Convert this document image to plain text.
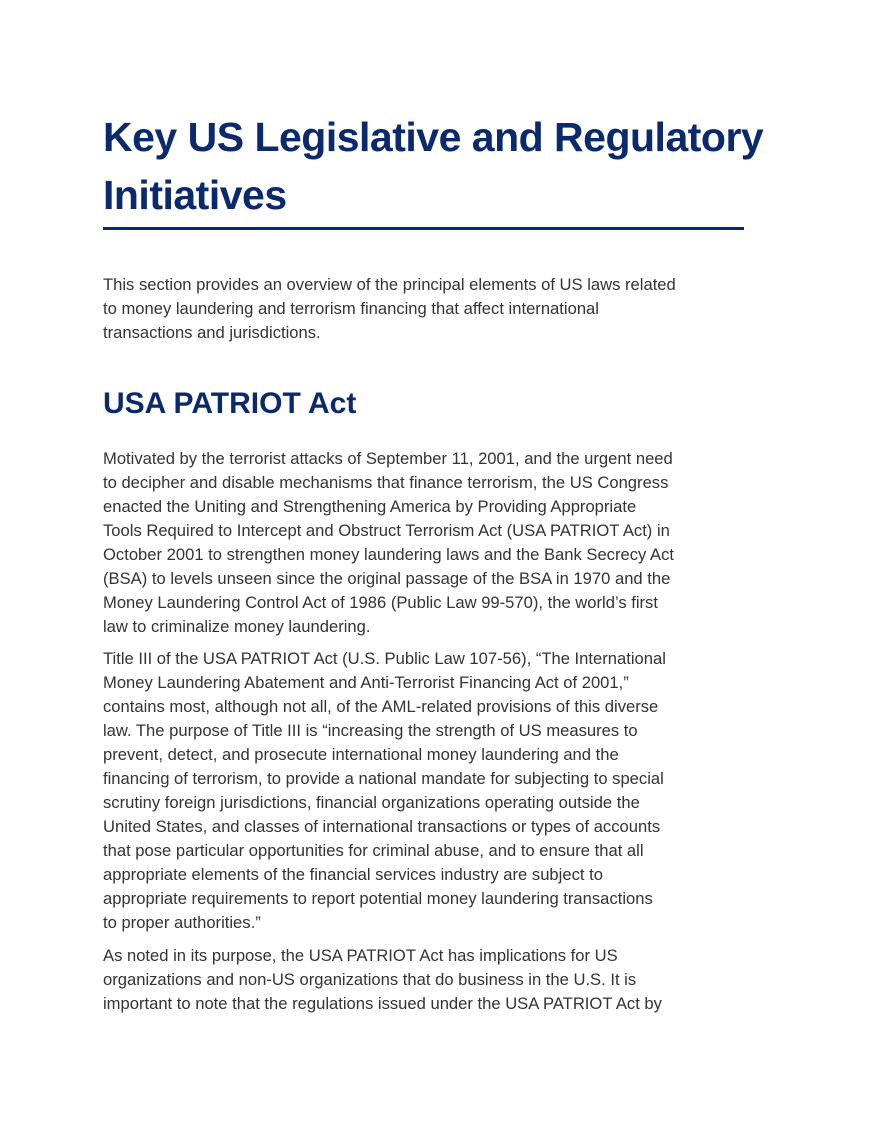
Key US Legislative and Regulatory
Initiatives
This section provides an overview of the principal elements of US laws related
to money laundering and terrorism financing that affect international
transactions and jurisdictions.
USA PATRIOT Act
Motivated by the terrorist attacks of September 11, 2001, and the urgent need
to decipher and disable mechanisms that finance terrorism, the US Congress
enacted the Uniting and Strengthening America by Providing Appropriate
Tools Required to Intercept and Obstruct Terrorism Act (USA PATRIOT Act) in
October 2001 to strengthen money laundering laws and the Bank Secrecy Act
(BSA) to levels unseen since the original passage of the BSA in 1970 and the
Money Laundering Control Act of 1986 (Public Law 99-570), the world’s first
law to criminalize money laundering.
Title III of the USA PATRIOT Act (U.S. Public Law 107-56), “The International
Money Laundering Abatement and Anti-Terrorist Financing Act of 2001,”
contains most, although not all, of the AML-related provisions of this diverse
law. The purpose of Title III is “increasing the strength of US measures to
prevent, detect, and prosecute international money laundering and the
financing of terrorism, to provide a national mandate for subjecting to special
scrutiny foreign jurisdictions, financial organizations operating outside the
United States, and classes of international transactions or types of accounts
that pose particular opportunities for criminal abuse, and to ensure that all
appropriate elements of the financial services industry are subject to
appropriate requirements to report potential money laundering transactions
to proper authorities.”
As noted in its purpose, the USA PATRIOT Act has implications for US
organizations and non-US organizations that do business in the U.S. It is
important to note that the regulations issued under the USA PATRIOT Act by
